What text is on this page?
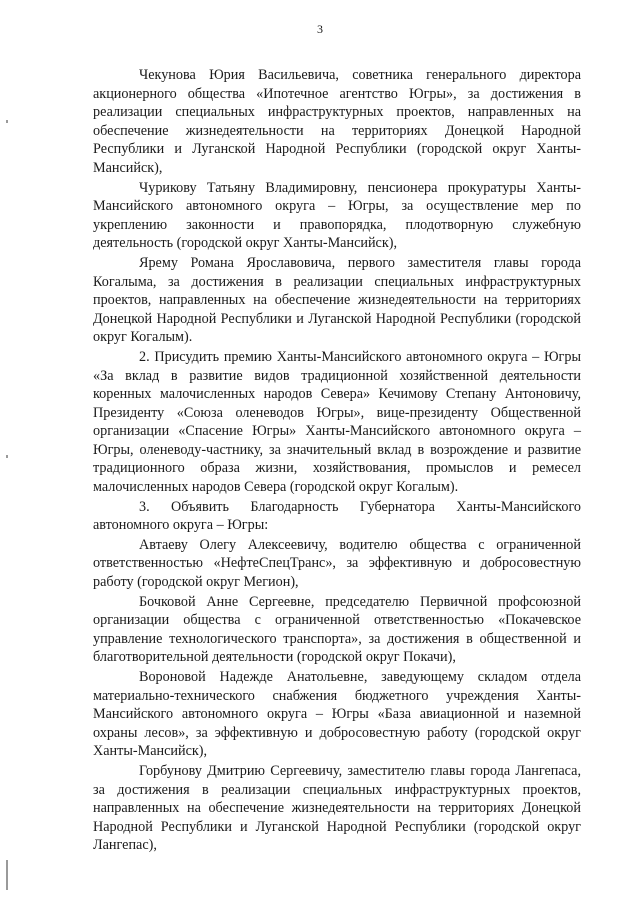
3

Чекунова Юрия Васильевича, советника генерального директора акционерного общества «Ипотечное агентство Югры», за достижения в реализации специальных инфраструктурных проектов, направленных на обеспечение жизнедеятельности на территориях Донецкой Народной Республики и Луганской Народной Республики (городской округ Ханты-Мансийск),

Чурикову Татьяну Владимировну, пенсионера прокуратуры Ханты-Мансийского автономного округа – Югры, за осуществление мер по укреплению законности и правопорядка, плодотворную служебную деятельность (городской округ Ханты-Мансийск),

Ярему Романа Ярославовича, первого заместителя главы города Когалыма, за достижения в реализации специальных инфраструктурных проектов, направленных на обеспечение жизнедеятельности на территориях Донецкой Народной Республики и Луганской Народной Республики (городской округ Когалым).

2. Присудить премию Ханты-Мансийского автономного округа – Югры «За вклад в развитие видов традиционной хозяйственной деятельности коренных малочисленных народов Севера» Кечимову Степану Антоновичу, Президенту «Союза оленеводов Югры», вице-президенту Общественной организации «Спасение Югры» Ханты-Мансийского автономного округа – Югры, оленеводу-частнику, за значительный вклад в возрождение и развитие традиционного образа жизни, хозяйствования, промыслов и ремесел малочисленных народов Севера (городской округ Когалым).

3. Объявить Благодарность Губернатора Ханты-Мансийского автономного округа – Югры:

Автаеву Олегу Алексеевичу, водителю общества с ограниченной ответственностью «НефтеСпецТранс», за эффективную и добросовестную работу (городской округ Мегион),

Бочковой Анне Сергеевне, председателю Первичной профсоюзной организации общества с ограниченной ответственностью «Покачевское управление технологического транспорта», за достижения в общественной и благотворительной деятельности (городской округ Покачи),

Вороновой Надежде Анатольевне, заведующему складом отдела материально-технического снабжения бюджетного учреждения Ханты-Мансийского автономного округа – Югры «База авиационной и наземной охраны лесов», за эффективную и добросовестную работу (городской округ Ханты-Мансийск),

Горбунову Дмитрию Сергеевичу, заместителю главы города Лангепаса, за достижения в реализации специальных инфраструктурных проектов, направленных на обеспечение жизнедеятельности на территориях Донецкой Народной Республики и Луганской Народной Республики (городской округ Лангепас),
